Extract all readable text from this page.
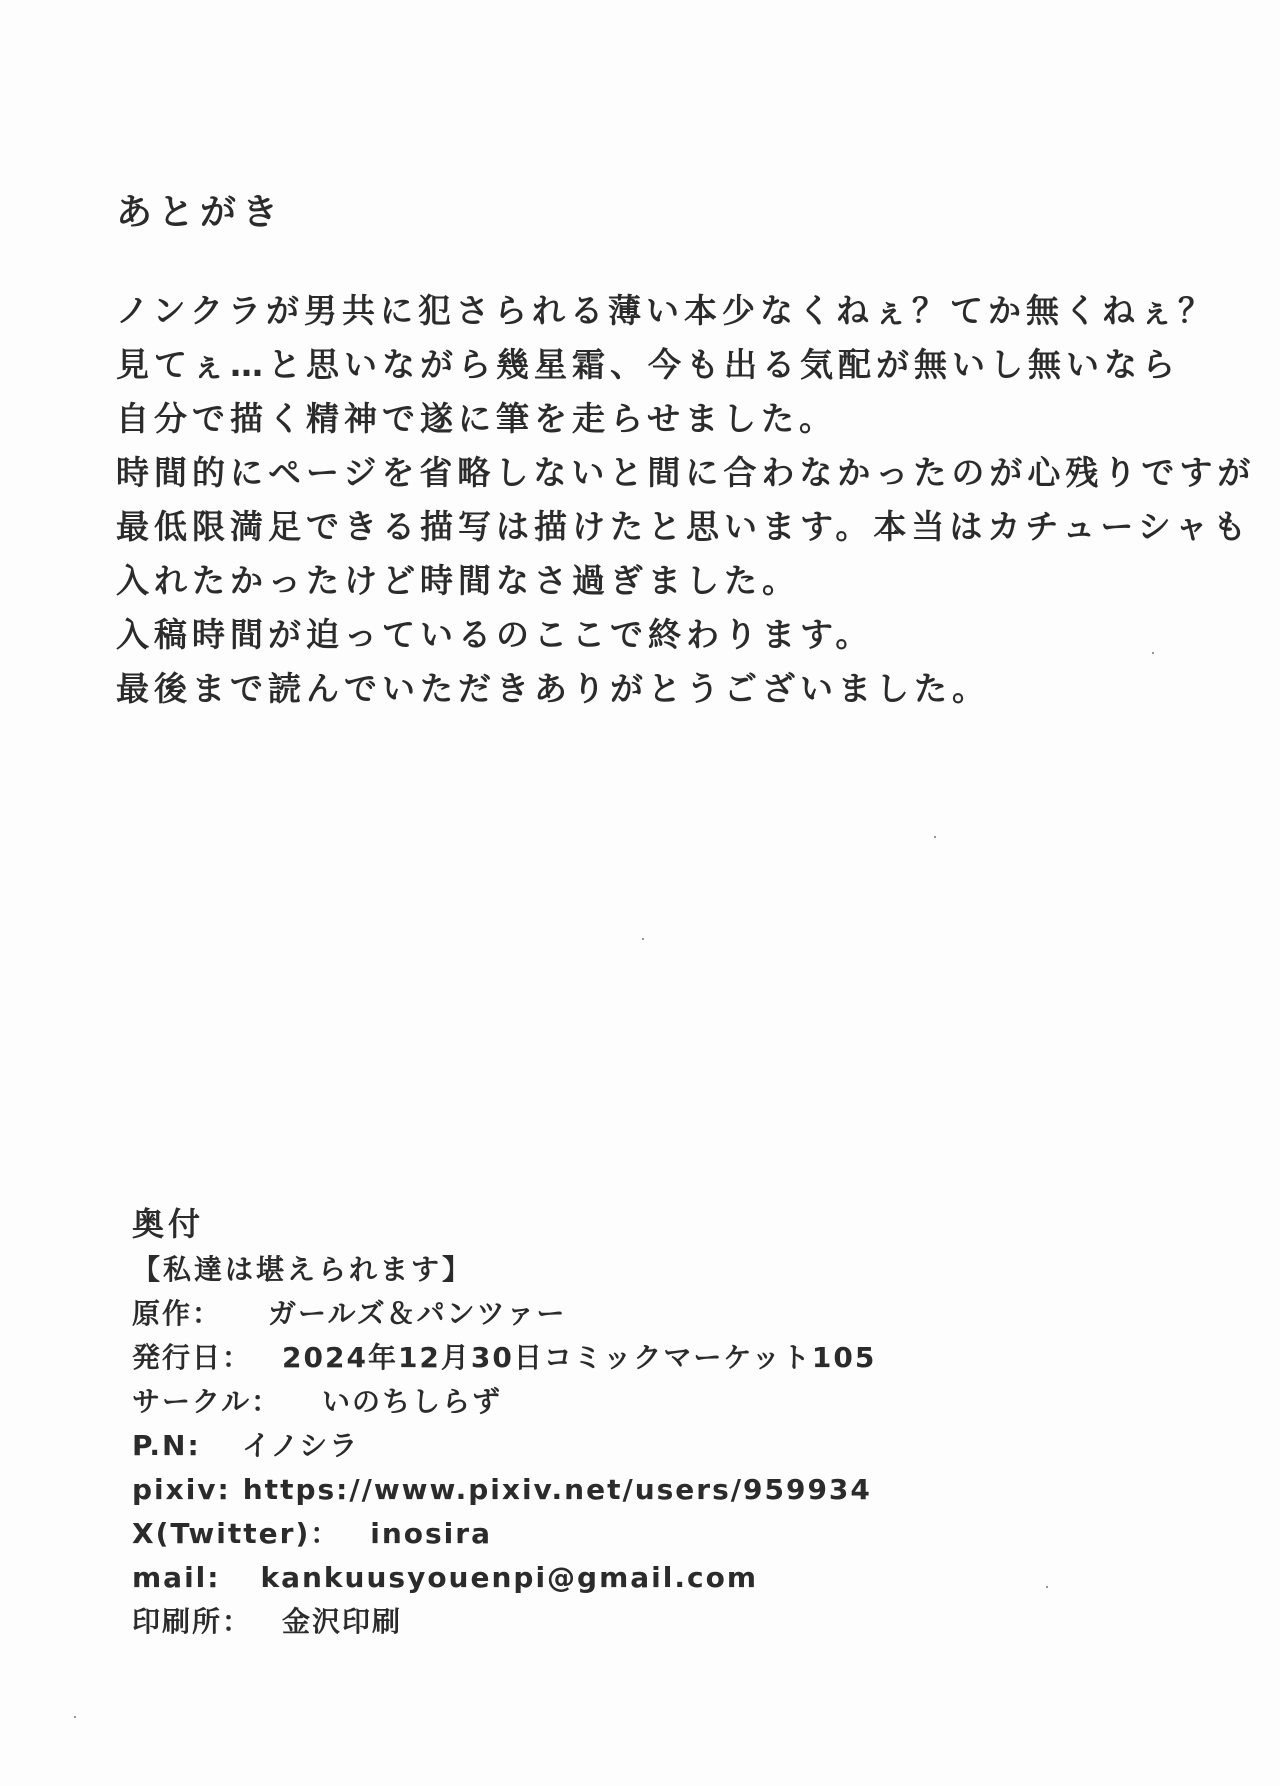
あとがき
ノンクラが男共に犯さられる薄い本少なくねぇ？てか無くねぇ？
見てぇ…と思いながら幾星霜、今も出る気配が無いし無いなら
自分で描く精神で遂に筆を走らせました。
時間的にページを省略しないと間に合わなかったのが心残りですが
最低限満足できる描写は描けたと思います。本当はカチューシャも
入れたかったけど時間なさ過ぎました。
入稿時間が迫っているのここで終わります。
最後まで読んでいただきありがとうございました。
奥付
【私達は堪えられます】
原作：	ガールズ＆パンツァー
発行日：	2024年12月30日コミックマーケット105
サークル：	いのちしらず
P.N:	イノシラ
pixiv: https://www.pixiv.net/users/959934
X(Twitter)：	inosira
mail:	kankuusyouenpi@gmail.com
印刷所：	金沢印刷
